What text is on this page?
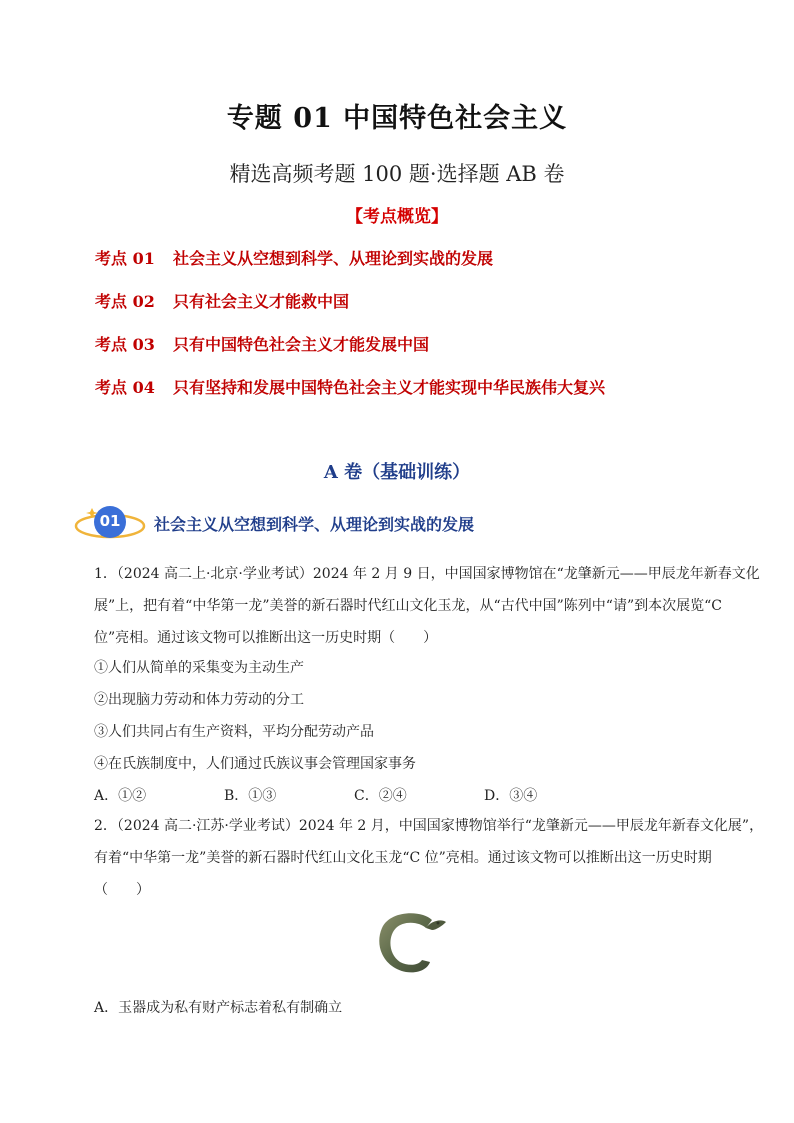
专题 01 中国特色社会主义
精选高频考题 100 题·选择题 AB 卷
【考点概览】
考点 01 社会主义从空想到科学、从理论到实战的发展
考点 02 只有社会主义才能救中国
考点 03 只有中国特色社会主义才能发展中国
考点 04 只有坚持和发展中国特色社会主义才能实现中华民族伟大复兴
A 卷（基础训练）
01 社会主义从空想到科学、从理论到实战的发展
1．（2024 高二上·北京·学业考试）2024 年 2 月 9 日，中国国家博物馆在“龙肇新元——甲辰龙年新春文化
展”上，把有着“中华第一龙”美誉的新石器时代红山文化玉龙，从“古代中国”陈列中“请”到本次展览“C
位”亮相。通过该文物可以推断出这一历史时期（　　）
①人们从简单的采集变为主动生产
②出现脑力劳动和体力劳动的分工
③人们共同占有生产资料，平均分配劳动产品
④在氏族制度中，人们通过氏族议事会管理国家事务
A．①②	B．①③	C．②④	D．③④
2．（2024 高二·江苏·学业考试）2024 年 2 月，中国国家博物馆举行“龙肇新元——甲辰龙年新春文化展”，
有着“中华第一龙”美誉的新石器时代红山文化玉龙“C 位”亮相。通过该文物可以推断出这一历史时期
（　　）
A．玉器成为私有财产标志着私有制确立
